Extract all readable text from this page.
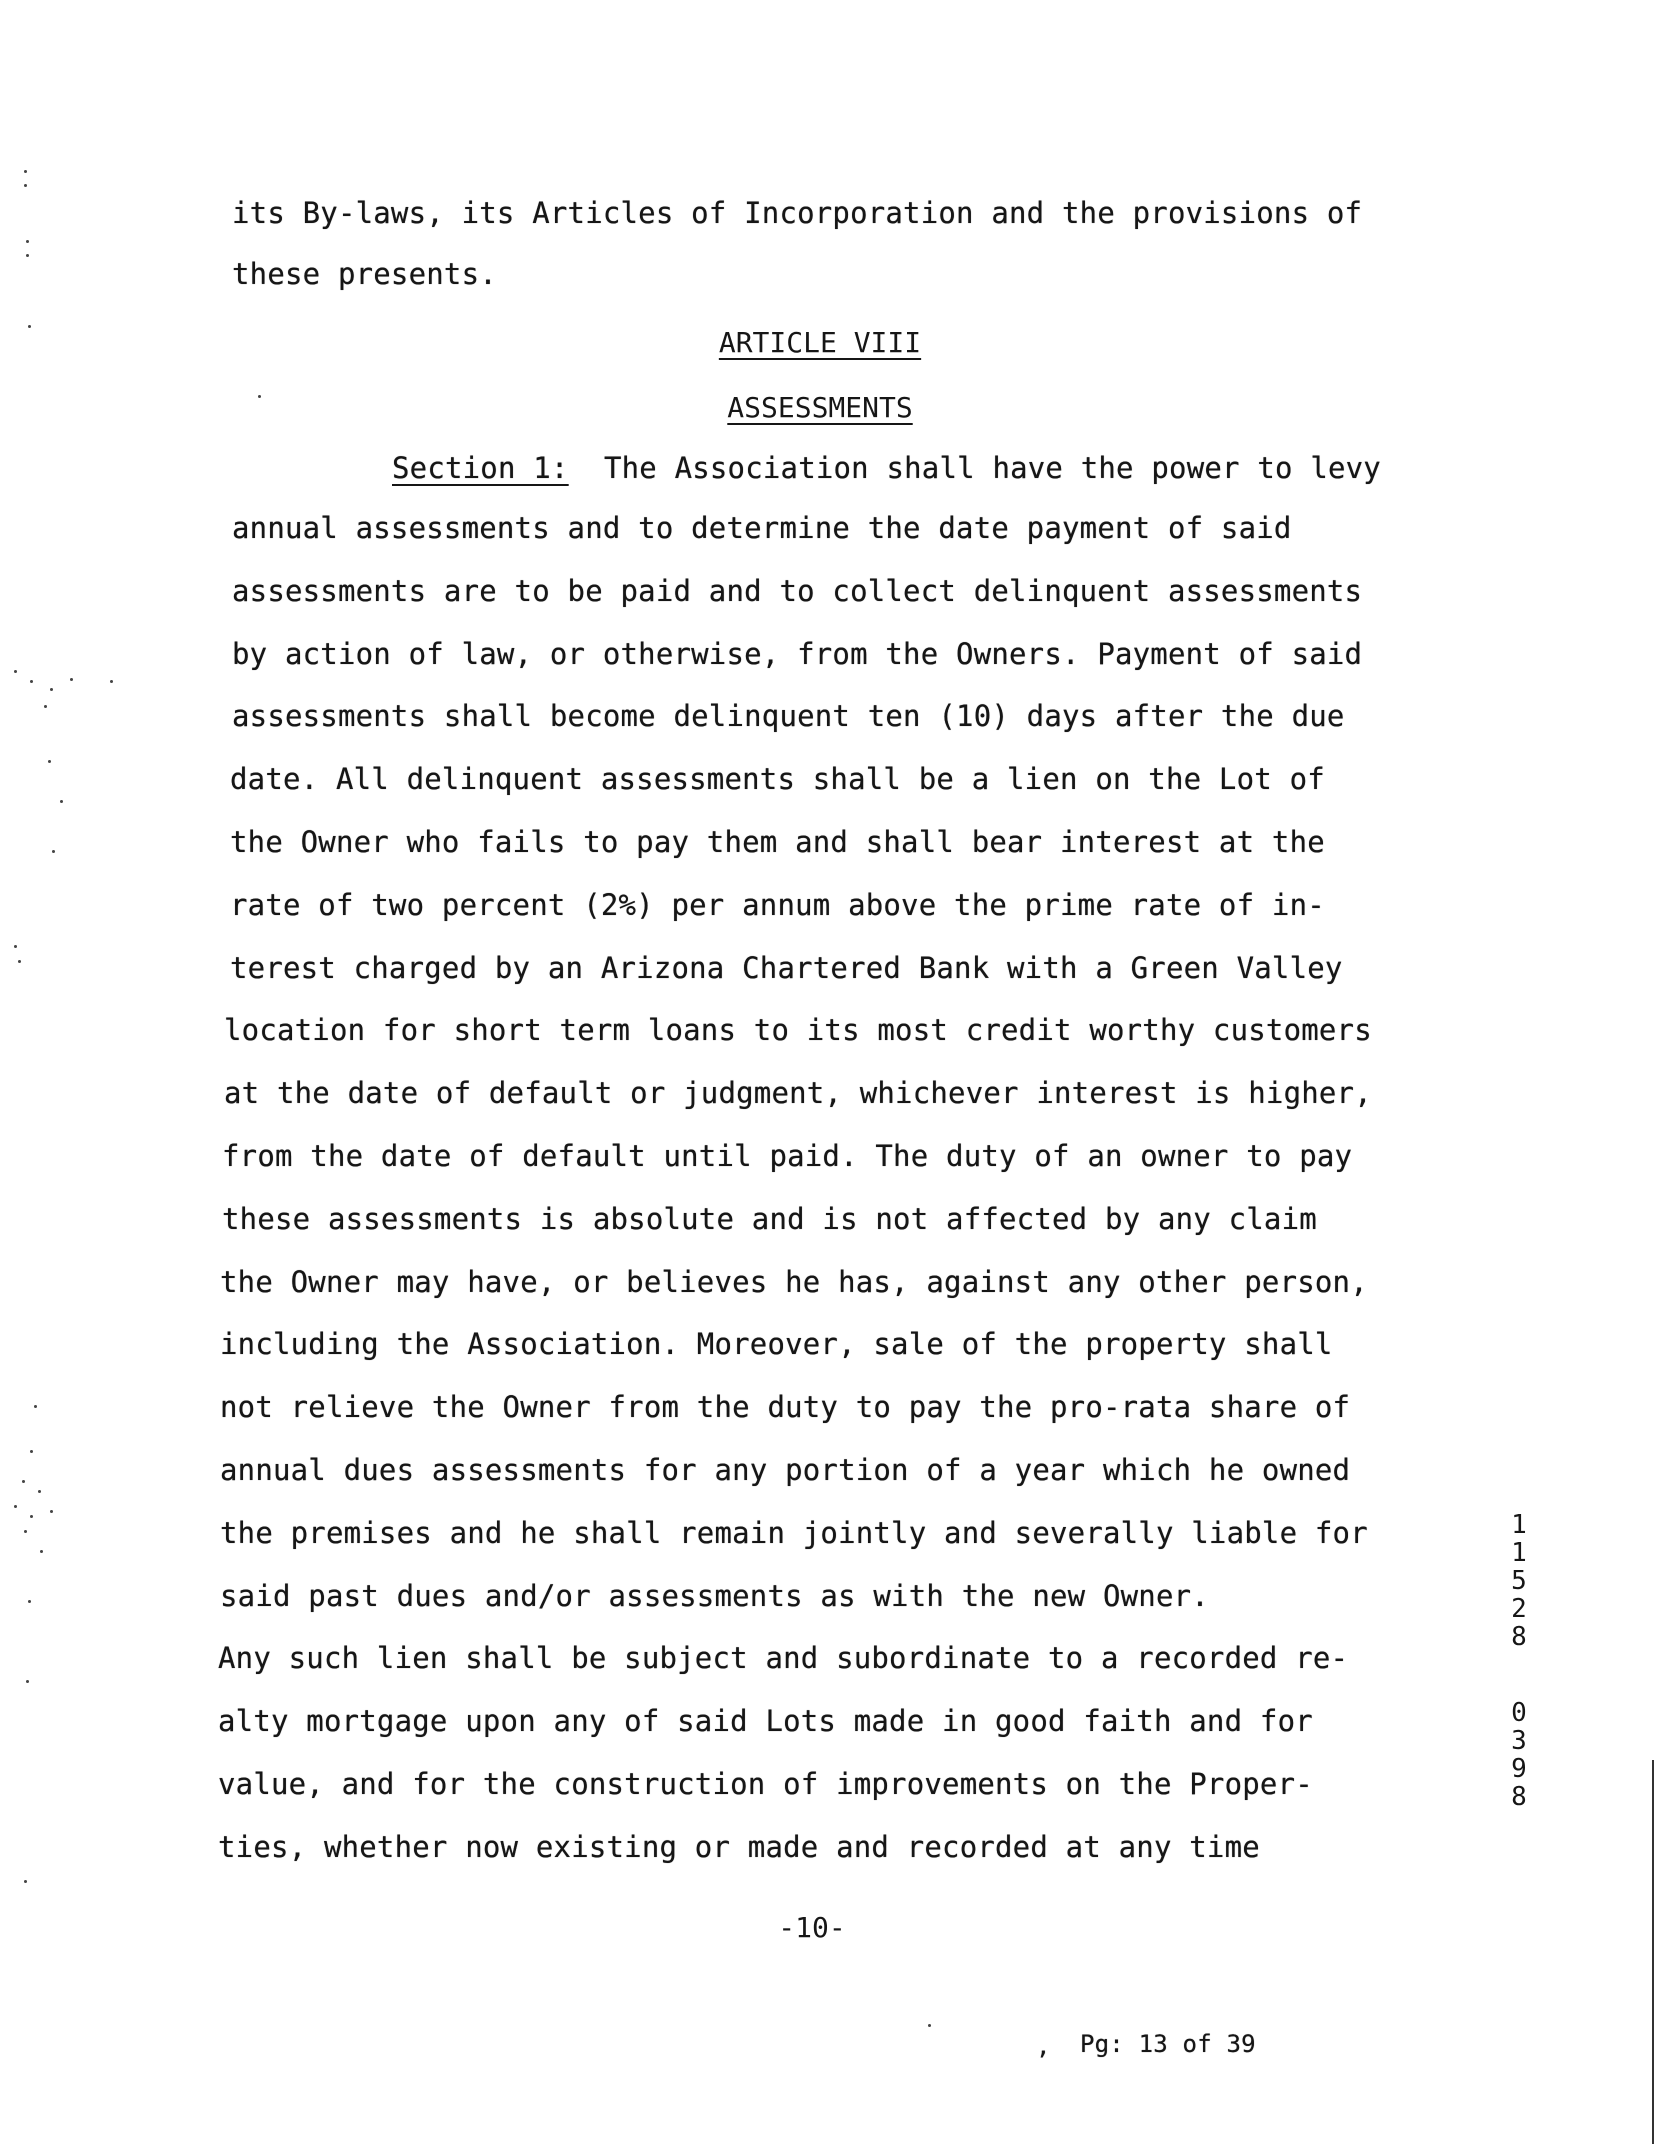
its By-laws, its Articles of Incorporation and the provisions of
these presents.
ARTICLE VIII
ASSESSMENTS
Section 1: The Association shall have the power to levy
annual assessments and to determine the date payment of said
assessments are to be paid and to collect delinquent assessments
by action of law, or otherwise, from the Owners. Payment of said
assessments shall become delinquent ten (10) days after the due
date. All delinquent assessments shall be a lien on the Lot of
the Owner who fails to pay them and shall bear interest at the
rate of two percent (2%) per annum above the prime rate of in-
terest charged by an Arizona Chartered Bank with a Green Valley
location for short term loans to its most credit worthy customers
at the date of default or judgment, whichever interest is higher,
from the date of default until paid. The duty of an owner to pay
these assessments is absolute and is not affected by any claim
the Owner may have, or believes he has, against any other person,
including the Association. Moreover, sale of the property shall
not relieve the Owner from the duty to pay the pro-rata share of
annual dues assessments for any portion of a year which he owned
the premises and he shall remain jointly and severally liable for
said past dues and/or assessments as with the new Owner.
Any such lien shall be subject and subordinate to a recorded re-
alty mortgage upon any of said Lots made in good faith and for
value, and for the construction of improvements on the Proper-
ties, whether now existing or made and recorded at any time
-10-
, Pg: 13 of 39
1
1
5
2
8
0
3
9
8
